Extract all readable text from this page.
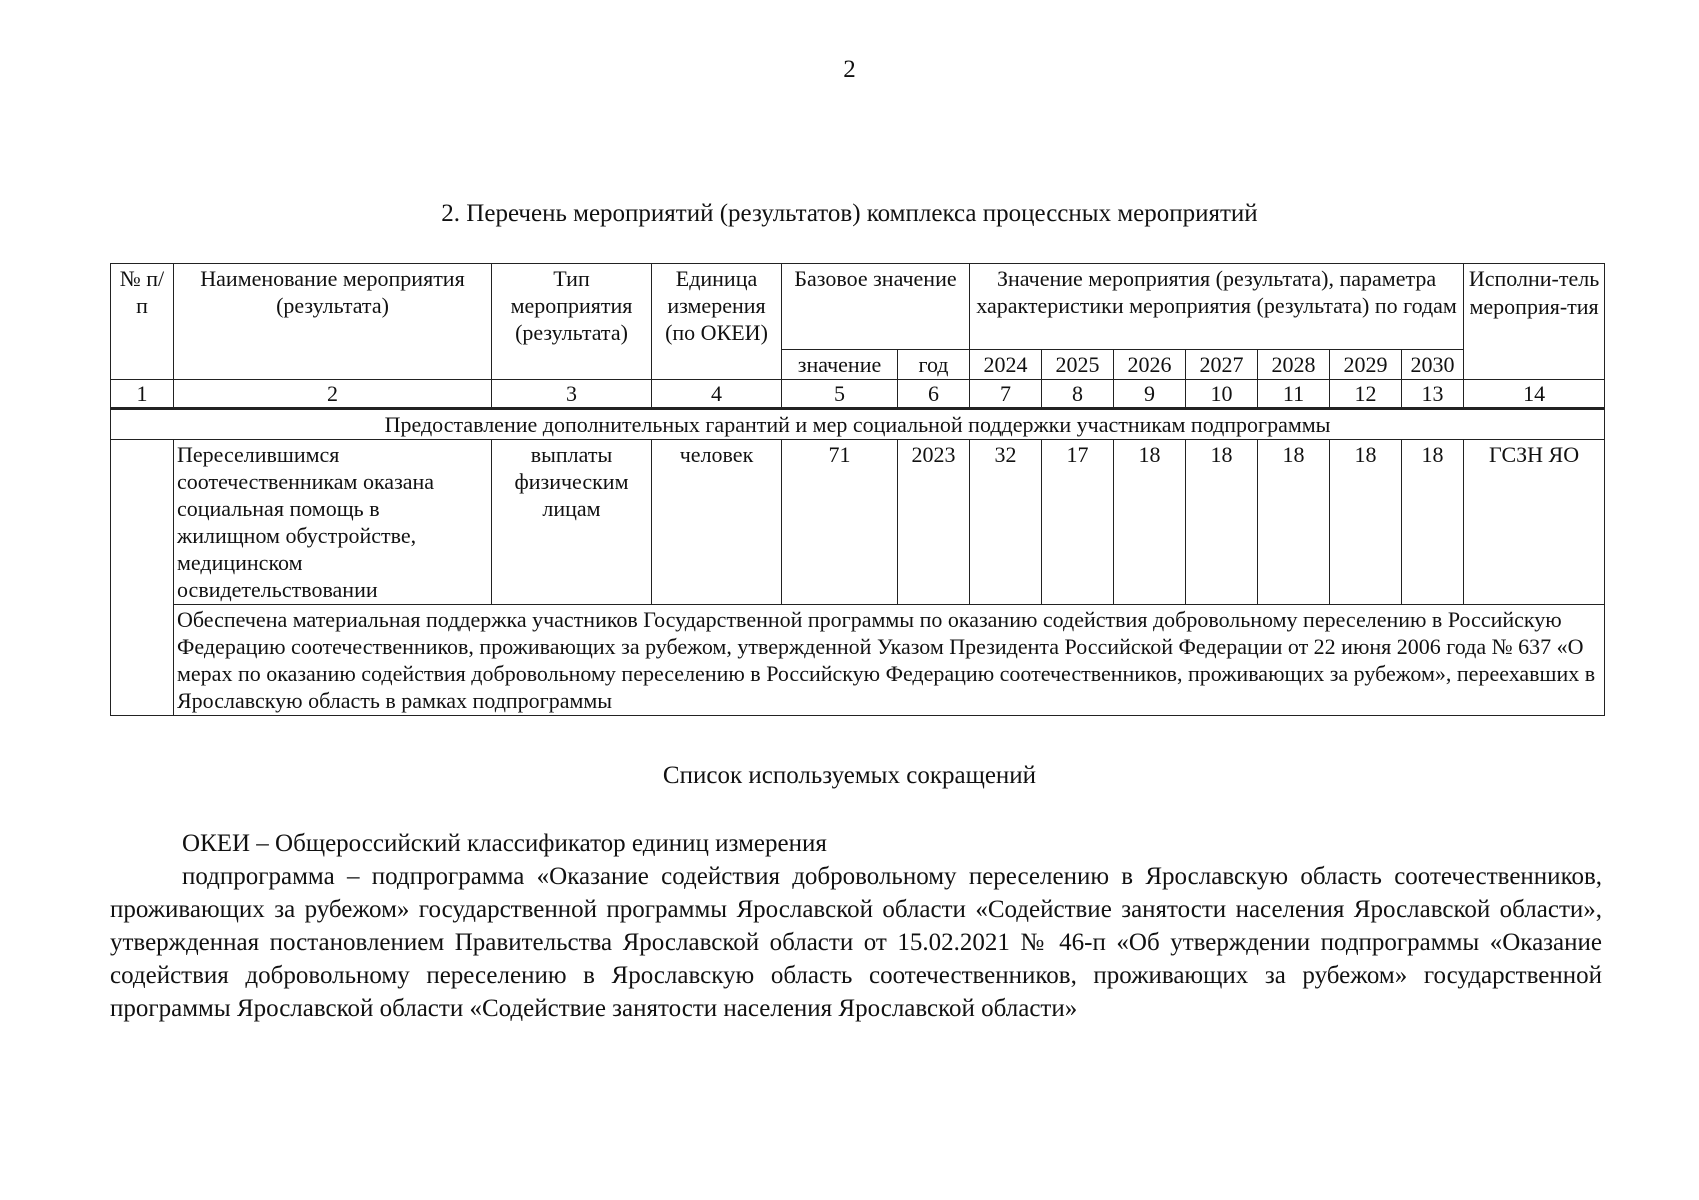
2
2. Перечень мероприятий (результатов) комплекса процессных мероприятий
№ п/п	Наименование мероприятия (результата)	Тип мероприятия (результата)	Единица измерения (по ОКЕИ)	Базовое значение		Значение мероприятия (результата), параметра характеристики мероприятия (результата) по годам							Исполни-тель мероприя-тия
				значение	год	2024	2025	2026	2027	2028	2029	2030	
1	2	3	4	5	6	7	8	9	10	11	12	13	14
Предоставление дополнительных гарантий и мер социальной поддержки участникам подпрограммы													
	Переселившимся соотечественникам оказана социальная помощь в жилищном обустройстве, медицинском освидетельствовании	выплаты физическим лицам	человек	71	2023	32	17	18	18	18	18	18	ГСЗН ЯО
	Обеспечена материальная поддержка участников Государственной программы по оказанию содействия добровольному переселению в Российскую Федерацию соотечественников, проживающих за рубежом, утвержденной Указом Президента Российской Федерации от 22 июня 2006 года № 637 «О мерах по оказанию содействия добровольному переселению в Российскую Федерацию соотечественников, проживающих за рубежом», переехавших в Ярославскую область в рамках подпрограммы												
Список используемых сокращений

ОКЕИ – Общероссийский классификатор единиц измерения

подпрограмма – подпрограмма «Оказание содействия добровольному переселению в Ярославскую область соотечественников, проживающих за рубежом» государственной программы Ярославской области «Содействие занятости населения Ярославской области», утвержденная постановлением Правительства Ярославской области от 15.02.2021 № 46-п «Об утверждении подпрограммы «Оказание содействия добровольному переселению в Ярославскую область соотечественников, проживающих за рубежом» государственной программы Ярославской области «Содействие занятости населения Ярославской области»
